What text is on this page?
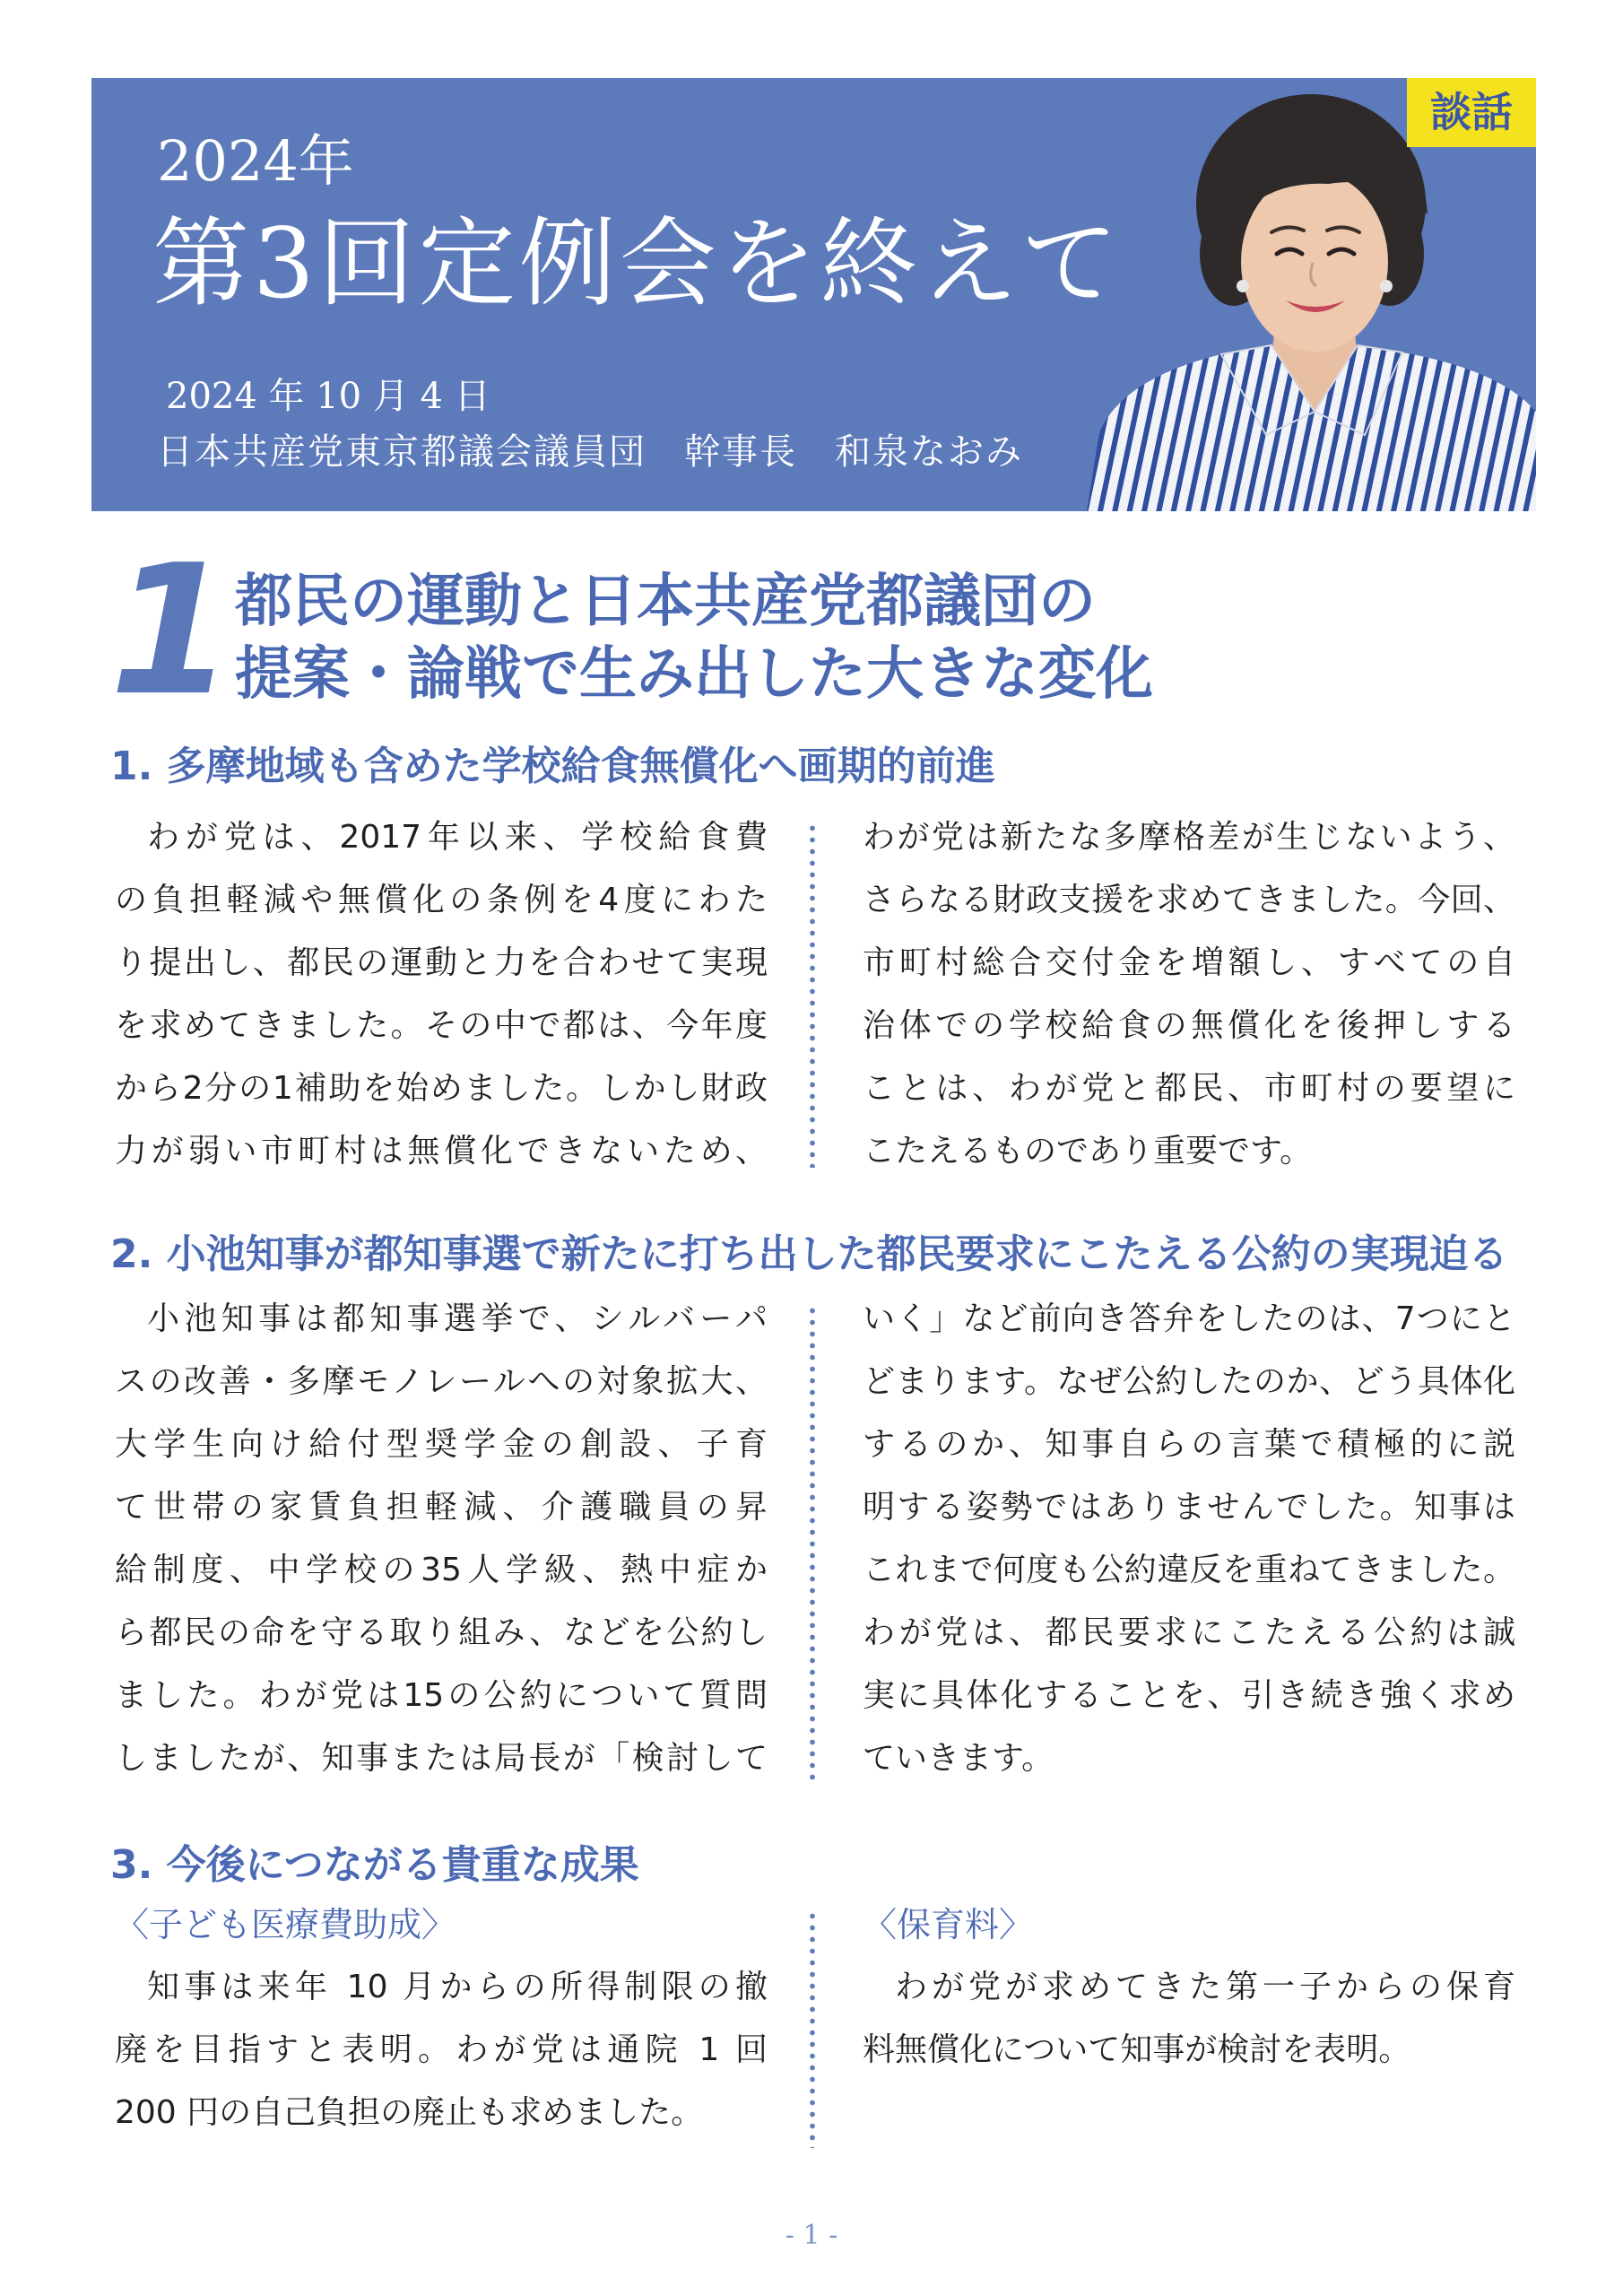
談話
2024年
第3回定例会を終えて
2024 年 10 月 4 日
日本共産党東京都議会議員団　幹事長　和泉なおみ
1 都民の運動と日本共産党都議団の
提案・論戦で生み出した大きな変化
1. 多摩地域も含めた学校給食無償化へ画期的前進
わが党は、2017年以来、学校給食費
の負担軽減や無償化の条例を4度にわた
り提出し、都民の運動と力を合わせて実現
を求めてきました。その中で都は、今年度
から2分の1補助を始めました。しかし財政
力が弱い市町村は無償化できないため、
わが党は新たな多摩格差が生じないよう、
さらなる財政支援を求めてきました。今回、
市町村総合交付金を増額し、すべての自
治体での学校給食の無償化を後押しする
ことは、わが党と都民、市町村の要望に
こたえるものであり重要です。
2. 小池知事が都知事選で新たに打ち出した都民要求にこたえる公約の実現迫る
小池知事は都知事選挙で、シルバーパ
スの改善・多摩モノレールへの対象拡大、
大学生向け給付型奨学金の創設、子育
て世帯の家賃負担軽減、介護職員の昇
給制度、中学校の35人学級、熱中症か
ら都民の命を守る取り組み、などを公約し
ました。わが党は15の公約について質問
しましたが、知事または局長が「検討して
いく」など前向き答弁をしたのは、7つにと
どまります。なぜ公約したのか、どう具体化
するのか、知事自らの言葉で積極的に説
明する姿勢ではありませんでした。知事は
これまで何度も公約違反を重ねてきました。
わが党は、都民要求にこたえる公約は誠
実に具体化することを、引き続き強く求め
ていきます。
3. 今後につながる貴重な成果
〈子ども医療費助成〉
知事は来年 10 月からの所得制限の撤
廃を目指すと表明。わが党は通院 1 回
200 円の自己負担の廃止も求めました。
〈保育料〉
わが党が求めてきた第一子からの保育
料無償化について知事が検討を表明。
- 1 -
